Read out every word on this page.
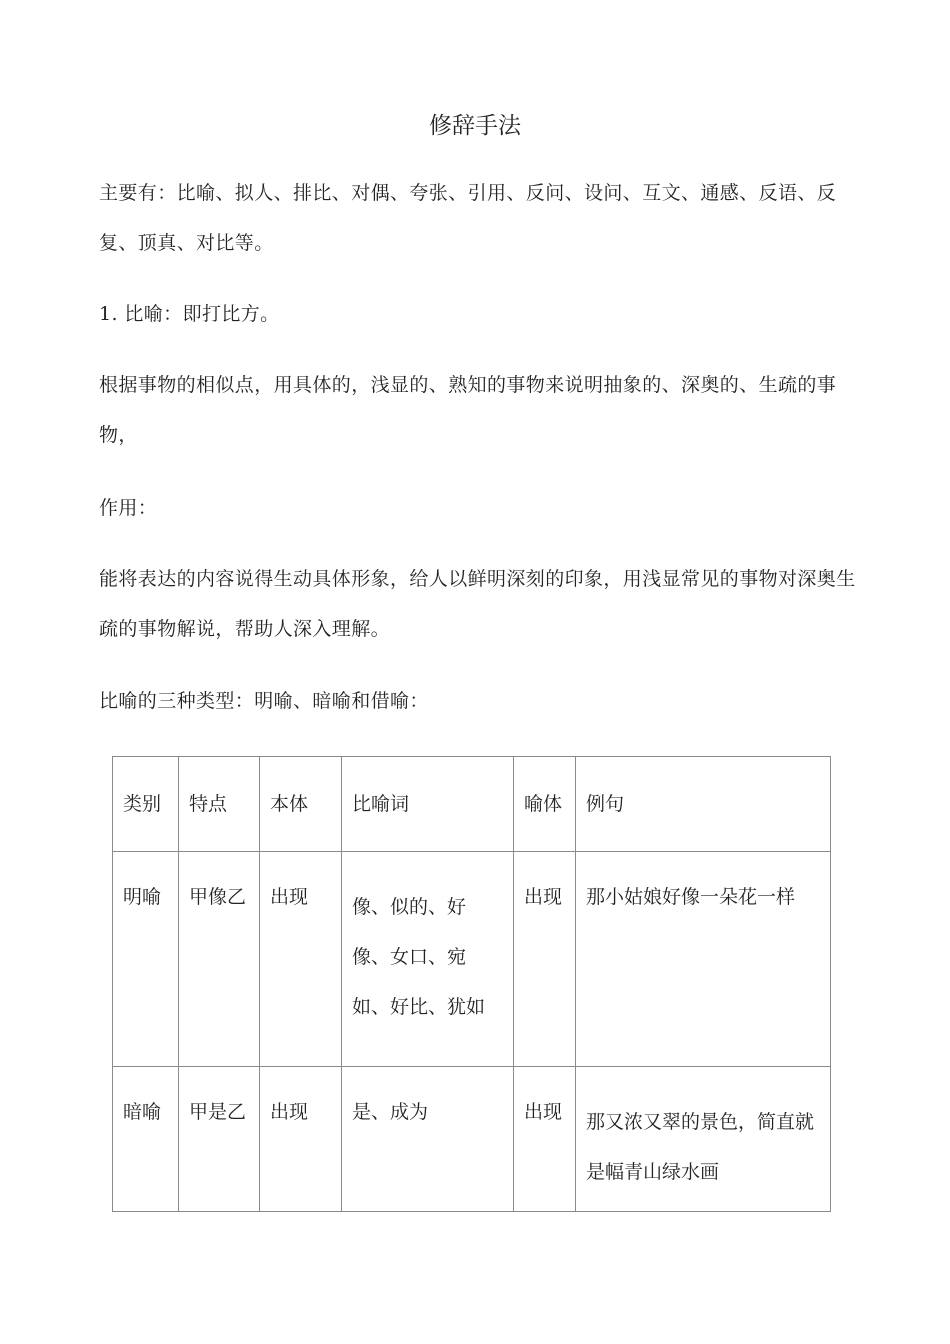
修辞手法

主要有：比喻、拟人、排比、对偶、夸张、引用、反问、设问、互文、通感、反语、反复、顶真、对比等。

1. 比喻：即打比方。

根据事物的相似点，用具体的，浅显的、熟知的事物来说明抽象的、深奥的、生疏的事物，

作用：

能将表达的内容说得生动具体形象，给人以鲜明深刻的印象，用浅显常见的事物对深奥生疏的事物解说，帮助人深入理解。

比喻的三种类型：明喻、暗喻和借喻：

类别	特点	本体	比喻词	喻体	例句
明喻	甲像乙	出现	像、似的、好像、女口、宛如、好比、犹如	出现	那小姑娘好像一朵花一样
暗喻	甲是乙	出现	是、成为	出现	那又浓又翠的景色，简直就是幅青山绿水画
